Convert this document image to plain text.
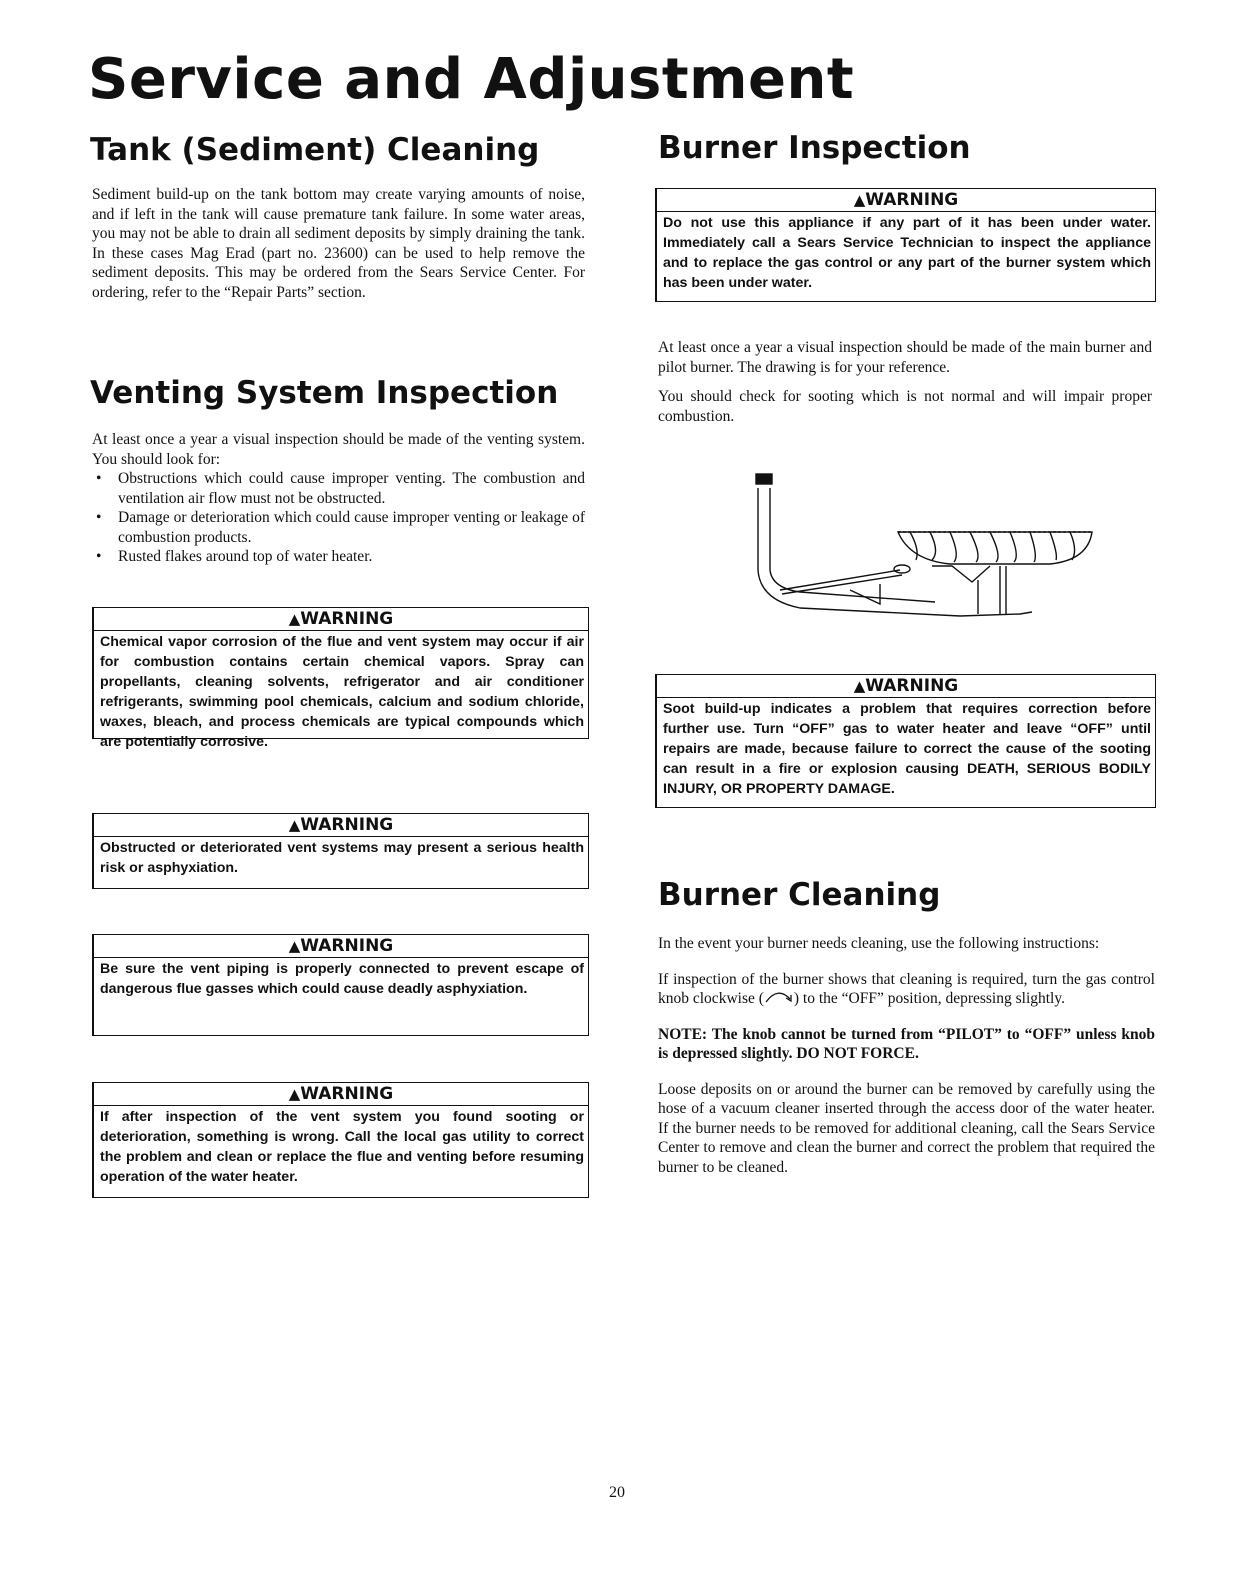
Service and Adjustment
Tank (Sediment) Cleaning
Sediment build-up on the tank bottom may create varying amounts of noise, and if left in the tank will cause premature tank failure. In some water areas, you may not be able to drain all sediment deposits by simply draining the tank. In these cases Mag Erad (part no. 23600) can be used to help remove the sediment deposits. This may be ordered from the Sears Service Center. For ordering, refer to the “Repair Parts” section.
Venting System Inspection
At least once a year a visual inspection should be made of the venting system. You should look for:
• Obstructions which could cause improper venting. The combustion and ventilation air flow must not be obstructed.
• Damage or deterioration which could cause improper venting or leakage of combustion products.
• Rusted flakes around top of water heater.
▲WARNING
Chemical vapor corrosion of the flue and vent system may occur if air for combustion contains certain chemical vapors. Spray can propellants, cleaning solvents, refrigerator and air conditioner refrigerants, swimming pool chemicals, calcium and sodium chloride, waxes, bleach, and process chemicals are typical compounds which are potentially corrosive.
▲WARNING
Obstructed or deteriorated vent systems may present a serious health risk or asphyxiation.
▲WARNING
Be sure the vent piping is properly connected to prevent escape of dangerous flue gasses which could cause deadly asphyxiation.
▲WARNING
If after inspection of the vent system you found sooting or deterioration, something is wrong. Call the local gas utility to correct the problem and clean or replace the flue and venting before resuming operation of the water heater.
Burner Inspection
▲WARNING
Do not use this appliance if any part of it has been under water. Immediately call a Sears Service Technician to inspect the appliance and to replace the gas control or any part of the burner system which has been under water.

At least once a year a visual inspection should be made of the main burner and pilot burner. The drawing is for your reference.

You should check for sooting which is not normal and will impair proper combustion.

▲WARNING
Soot build-up indicates a problem that requires correction before further use. Turn “OFF” gas to water heater and leave “OFF” until repairs are made, because failure to correct the cause of the sooting can result in a fire or explosion causing DEATH, SERIOUS BODILY INJURY, OR PROPERTY DAMAGE.
Burner Cleaning

In the event your burner needs cleaning, use the following instructions:

If inspection of the burner shows that cleaning is required, turn the gas control knob clockwise ( ) to the “OFF” position, depressing slightly.

NOTE: The knob cannot be turned from “PILOT” to “OFF” unless knob is depressed slightly. DO NOT FORCE.

Loose deposits on or around the burner can be removed by carefully using the hose of a vacuum cleaner inserted through the access door of the water heater. If the burner needs to be removed for additional cleaning, call the Sears Service Center to remove and clean the burner and correct the problem that required the burner to be cleaned.

20
